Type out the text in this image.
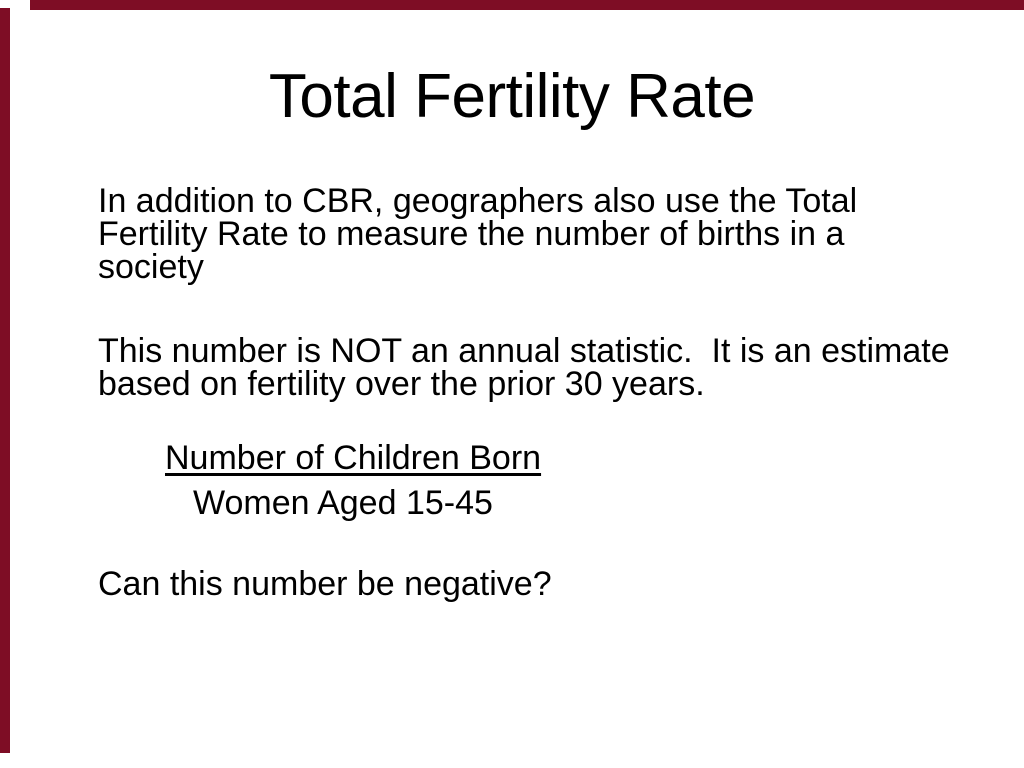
Total Fertility Rate
In addition to CBR, geographers also use the Total
Fertility Rate to measure the number of births in a
society
This number is NOT an annual statistic.  It is an estimate
based on fertility over the prior 30 years.
Number of Children Born
Women Aged 15-45
Can this number be negative?
